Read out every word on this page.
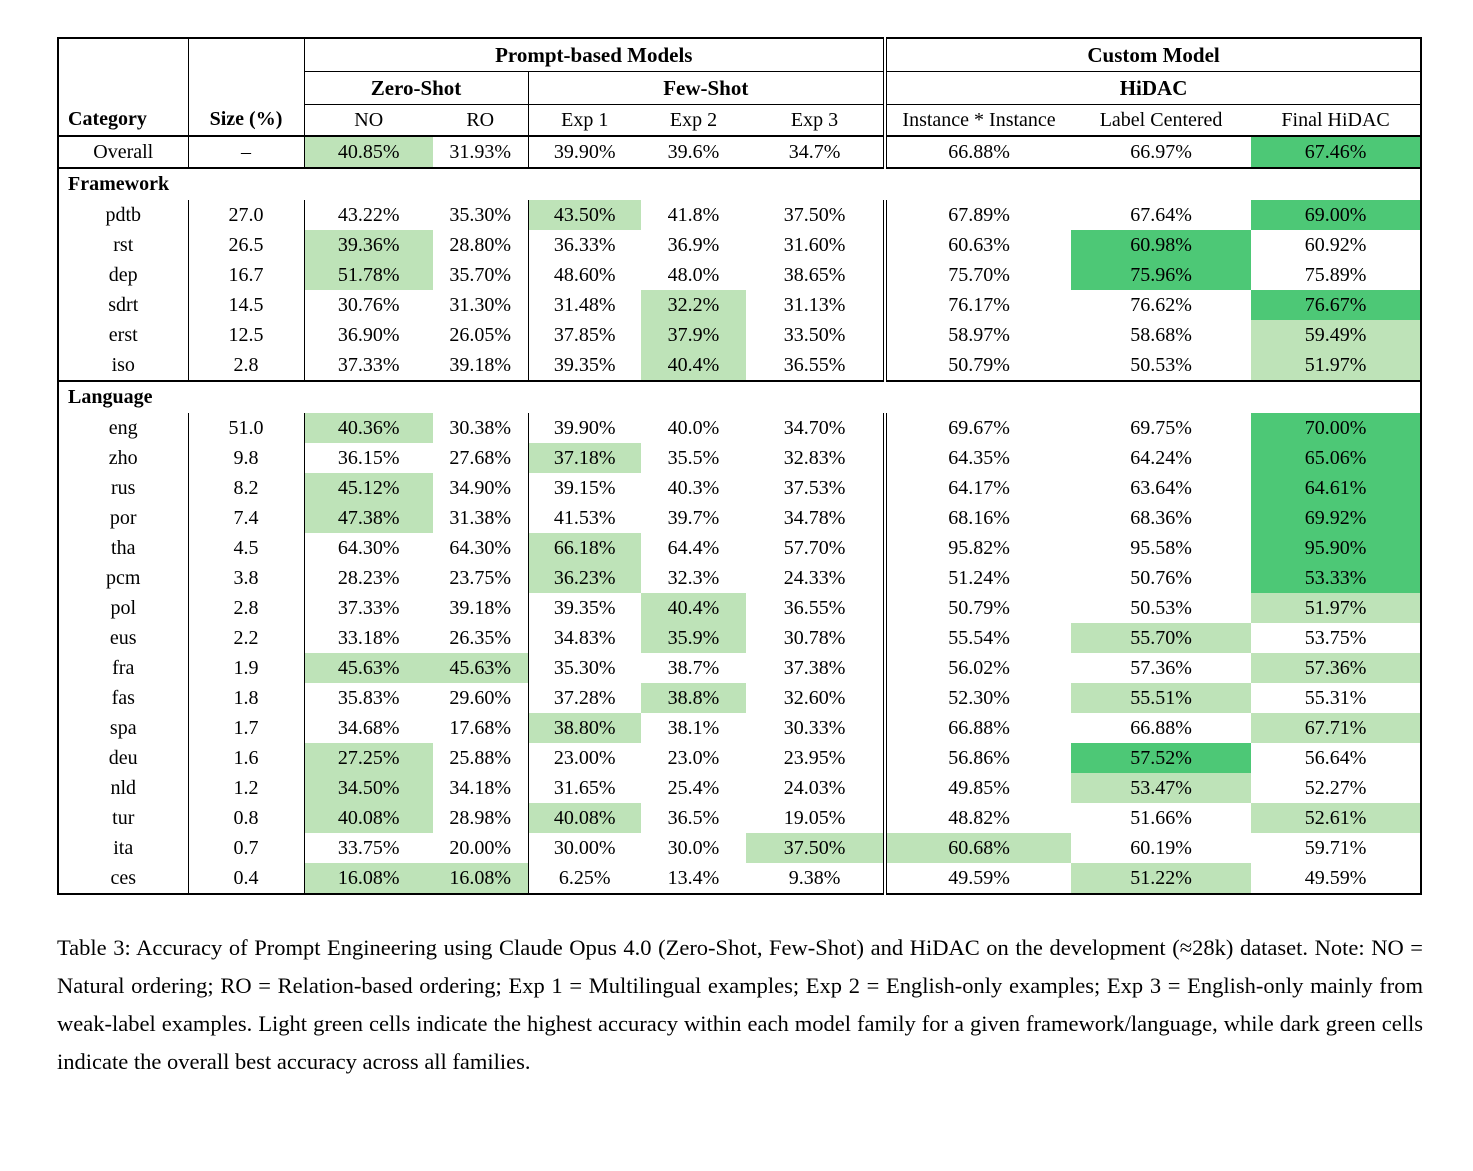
		Prompt-based Models					Custom Model		
		Zero-Shot		Few-Shot			HiDAC		
Category	Size (%)	NO	RO	Exp 1	Exp 2	Exp 3	Instance * Instance	Label Centered	Final HiDAC
Overall	–	40.85%	31.93%	39.90%	39.6%	34.7%	66.88%	66.97%	67.46%
Framework									
pdtb	27.0	43.22%	35.30%	43.50%	41.8%	37.50%	67.89%	67.64%	69.00%
rst	26.5	39.36%	28.80%	36.33%	36.9%	31.60%	60.63%	60.98%	60.92%
dep	16.7	51.78%	35.70%	48.60%	48.0%	38.65%	75.70%	75.96%	75.89%
sdrt	14.5	30.76%	31.30%	31.48%	32.2%	31.13%	76.17%	76.62%	76.67%
erst	12.5	36.90%	26.05%	37.85%	37.9%	33.50%	58.97%	58.68%	59.49%
iso	2.8	37.33%	39.18%	39.35%	40.4%	36.55%	50.79%	50.53%	51.97%
Language									
eng	51.0	40.36%	30.38%	39.90%	40.0%	34.70%	69.67%	69.75%	70.00%
zho	9.8	36.15%	27.68%	37.18%	35.5%	32.83%	64.35%	64.24%	65.06%
rus	8.2	45.12%	34.90%	39.15%	40.3%	37.53%	64.17%	63.64%	64.61%
por	7.4	47.38%	31.38%	41.53%	39.7%	34.78%	68.16%	68.36%	69.92%
tha	4.5	64.30%	64.30%	66.18%	64.4%	57.70%	95.82%	95.58%	95.90%
pcm	3.8	28.23%	23.75%	36.23%	32.3%	24.33%	51.24%	50.76%	53.33%
pol	2.8	37.33%	39.18%	39.35%	40.4%	36.55%	50.79%	50.53%	51.97%
eus	2.2	33.18%	26.35%	34.83%	35.9%	30.78%	55.54%	55.70%	53.75%
fra	1.9	45.63%	45.63%	35.30%	38.7%	37.38%	56.02%	57.36%	57.36%
fas	1.8	35.83%	29.60%	37.28%	38.8%	32.60%	52.30%	55.51%	55.31%
spa	1.7	34.68%	17.68%	38.80%	38.1%	30.33%	66.88%	66.88%	67.71%
deu	1.6	27.25%	25.88%	23.00%	23.0%	23.95%	56.86%	57.52%	56.64%
nld	1.2	34.50%	34.18%	31.65%	25.4%	24.03%	49.85%	53.47%	52.27%
tur	0.8	40.08%	28.98%	40.08%	36.5%	19.05%	48.82%	51.66%	52.61%
ita	0.7	33.75%	20.00%	30.00%	30.0%	37.50%	60.68%	60.19%	59.71%
ces	0.4	16.08%	16.08%	6.25%	13.4%	9.38%	49.59%	51.22%	49.59%

Table 3: Accuracy of Prompt Engineering using Claude Opus 4.0 (Zero-Shot, Few-Shot) and HiDAC on the development (≈28k) dataset. Note: NO = Natural ordering; RO = Relation-based ordering; Exp 1 = Multilingual examples; Exp 2 = English-only examples; Exp 3 = English-only mainly from weak-label examples. Light green cells indicate the highest accuracy within each model family for a given framework/language, while dark green cells indicate the overall best accuracy across all families.
